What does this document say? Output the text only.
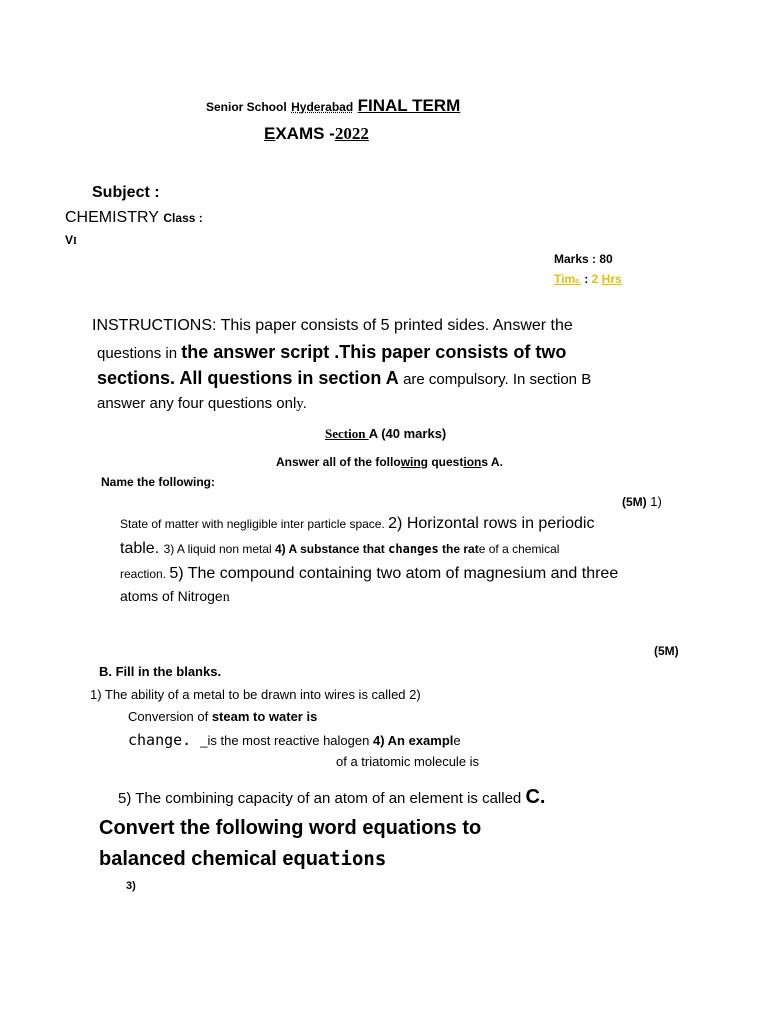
Senior School Hyderabad FINAL TERM
EXAMS -2022
Subject :
CHEMISTRY Class :
VI
Marks : 80
Time. : 2 Hrs
INSTRUCTIONS: This paper consists of 5 printed sides. Answer the
questions in the answer script .This paper consists of two
sections. All questions in section A are compulsory. In section B
answer any four questions only.
Section A (40 marks)
Answer all of the following questions A.
Name the following:
(5M) 1)
State of matter with negligible inter particle space. 2) Horizontal rows in periodic
table. 3) A liquid non metal 4) A substance that changes the rate of a chemical
reaction. 5) The compound containing two atom of magnesium and three
atoms of Nitrogen
(5M)
B. Fill in the blanks.
1) The ability of a metal to be drawn into wires is called 2)
Conversion of steam to water is
change. _is the most reactive halogen 4) An example
of a triatomic molecule is
5) The combining capacity of an atom of an element is called C.
Convert the following word equations to
balanced chemical equations
3)
